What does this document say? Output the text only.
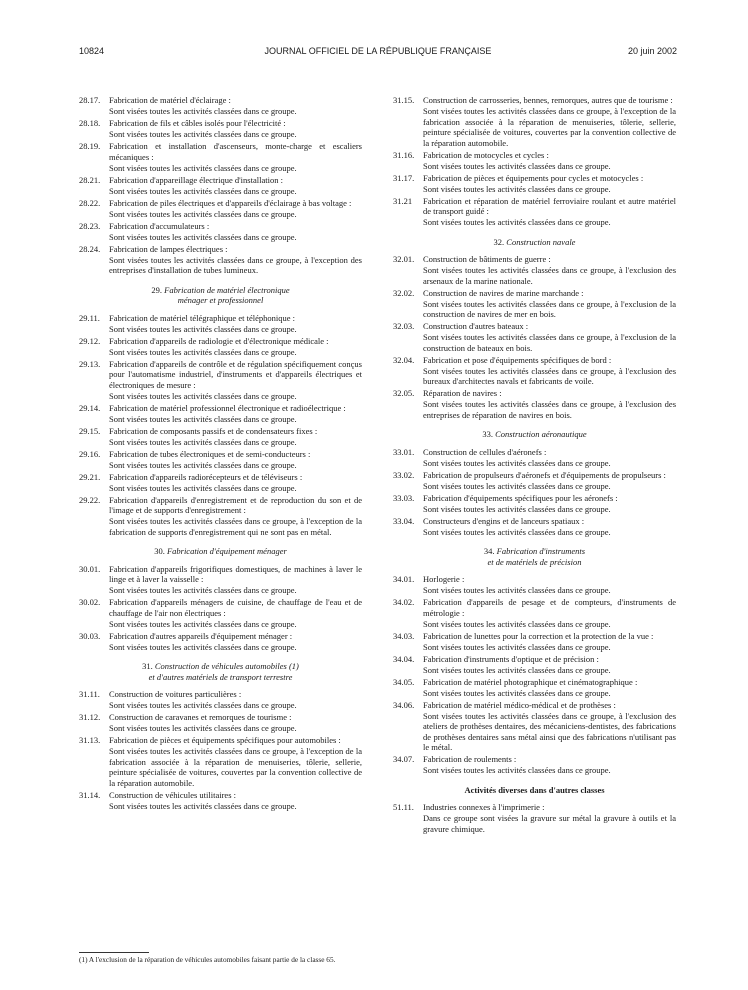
10824	JOURNAL OFFICIEL DE LA RÉPUBLIQUE FRANÇAISE	20 juin 2002
28.17.	Fabrication de matériel d'éclairage :
Sont visées toutes les activités classées dans ce groupe.
28.18.	Fabrication de fils et câbles isolés pour l'électricité :
Sont visées toutes les activités classées dans ce groupe.
28.19.	Fabrication et installation d'ascenseurs, monte-charge et escaliers mécaniques :
Sont visées toutes les activités classées dans ce groupe.
28.21.	Fabrication d'appareillage électrique d'installation :
Sont visées toutes les activités classées dans ce groupe.
28.22.	Fabrication de piles électriques et d'appareils d'éclairage à bas voltage :
Sont visées toutes les activités classées dans ce groupe.
28.23.	Fabrication d'accumulateurs :
Sont visées toutes les activités classées dans ce groupe.
28.24.	Fabrication de lampes électriques :
Sont visées toutes les activités classées dans ce groupe, à l'exception des entreprises d'installation de tubes lumineux.
29. Fabrication de matériel électronique
ménager et professionnel
29.11.	Fabrication de matériel télégraphique et téléphonique :
Sont visées toutes les activités classées dans ce groupe.
29.12.	Fabrication d'appareils de radiologie et d'électronique médicale :
Sont visées toutes les activités classées dans ce groupe.
29.13.	Fabrication d'appareils de contrôle et de régulation spécifiquement conçus pour l'automatisme industriel, d'instruments et d'appareils électriques et électroniques de mesure :
Sont visées toutes les activités classées dans ce groupe.
29.14.	Fabrication de matériel professionnel électronique et radioélectrique :
Sont visées toutes les activités classées dans ce groupe.
29.15.	Fabrication de composants passifs et de condensateurs fixes :
Sont visées toutes les activités classées dans ce groupe.
29.16.	Fabrication de tubes électroniques et de semi-conducteurs :
Sont visées toutes les activités classées dans ce groupe.
29.21.	Fabrication d'appareils radiorécepteurs et de téléviseurs :
Sont visées toutes les activités classées dans ce groupe.
29.22.	Fabrication d'appareils d'enregistrement et de reproduction du son et de l'image et de supports d'enregistrement :
Sont visées toutes les activités classées dans ce groupe, à l'exception de la fabrication de supports d'enregistrement qui ne sont pas en métal.
30. Fabrication d'équipement ménager
30.01.	Fabrication d'appareils frigorifiques domestiques, de machines à laver le linge et à laver la vaisselle :
Sont visées toutes les activités classées dans ce groupe.
30.02.	Fabrication d'appareils ménagers de cuisine, de chauffage de l'eau et de chauffage de l'air non électriques :
Sont visées toutes les activités classées dans ce groupe.
30.03.	Fabrication d'autres appareils d'équipement ménager :
Sont visées toutes les activités classées dans ce groupe.
31. Construction de véhicules automobiles (1)
et d'autres matériels de transport terrestre
31.11.	Construction de voitures particulières :
Sont visées toutes les activités classées dans ce groupe.
31.12.	Construction de caravanes et remorques de tourisme :
Sont visées toutes les activités classées dans ce groupe.
31.13.	Fabrication de pièces et équipements spécifiques pour automobiles :
Sont visées toutes les activités classées dans ce groupe, à l'exception de la fabrication associée à la réparation de menuiseries, tôlerie, sellerie, peinture spécialisée de voitures, couvertes par la convention collective de la réparation automobile.
31.14.	Construction de véhicules utilitaires :
Sont visées toutes les activités classées dans ce groupe.
31.15.	Construction de carrosseries, bennes, remorques, autres que de tourisme :
Sont visées toutes les activités classées dans ce groupe, à l'exception de la fabrication associée à la réparation de menuiseries, tôlerie, sellerie, peinture spécialisée de voitures, couvertes par la convention collective de la réparation automobile.
31.16.	Fabrication de motocycles et cycles :
Sont visées toutes les activités classées dans ce groupe.
31.17.	Fabrication de pièces et équipements pour cycles et motocycles :
Sont visées toutes les activités classées dans ce groupe.
31.21	Fabrication et réparation de matériel ferroviaire roulant et autre matériel de transport guidé :
Sont visées toutes les activités classées dans ce groupe.
32. Construction navale
32.01.	Construction de bâtiments de guerre :
Sont visées toutes les activités classées dans ce groupe, à l'exclusion des arsenaux de la marine nationale.
32.02.	Construction de navires de marine marchande :
Sont visées toutes les activités classées dans ce groupe, à l'exclusion de la construction de navires de mer en bois.
32.03.	Construction d'autres bateaux :
Sont visées toutes les activités classées dans ce groupe, à l'exclusion de la construction de bateaux en bois.
32.04.	Fabrication et pose d'équipements spécifiques de bord :
Sont visées toutes les activités classées dans ce groupe, à l'exclusion des bureaux d'architectes navals et fabricants de voile.
32.05.	Réparation de navires :
Sont visées toutes les activités classées dans ce groupe, à l'exclusion des entreprises de réparation de navires en bois.
33. Construction aéronautique
33.01.	Construction de cellules d'aéronefs :
Sont visées toutes les activités classées dans ce groupe.
33.02.	Fabrication de propulseurs d'aéronefs et d'équipements de propulseurs :
Sont visées toutes les activités classées dans ce groupe.
33.03.	Fabrication d'équipements spécifiques pour les aéronefs :
Sont visées toutes les activités classées dans ce groupe.
33.04.	Constructeurs d'engins et de lanceurs spatiaux :
Sont visées toutes les activités classées dans ce groupe.
34. Fabrication d'instruments
et de matériels de précision
34.01.	Horlogerie :
Sont visées toutes les activités classées dans ce groupe.
34.02.	Fabrication d'appareils de pesage et de compteurs, d'instruments de métrologie :
Sont visées toutes les activités classées dans ce groupe.
34.03.	Fabrication de lunettes pour la correction et la protection de la vue :
Sont visées toutes les activités classées dans ce groupe.
34.04.	Fabrication d'instruments d'optique et de précision :
Sont visées toutes les activités classées dans ce groupe.
34.05.	Fabrication de matériel photographique et cinématographique :
Sont visées toutes les activités classées dans ce groupe.
34.06.	Fabrication de matériel médico-médical et de prothèses :
Sont visées toutes les activités classées dans ce groupe, à l'exclusion des ateliers de prothèses dentaires, des mécaniciens-dentistes, des fabrications de prothèses dentaires sans métal ainsi que des fabrications n'utilisant pas le métal.
34.07.	Fabrication de roulements :
Sont visées toutes les activités classées dans ce groupe.
Activités diverses dans d'autres classes
51.11.	Industries connexes à l'imprimerie :
Dans ce groupe sont visées la gravure sur métal la gravure à outils et la gravure chimique.
(1) A l'exclusion de la réparation de véhicules automobiles faisant partie de la classe 65.
